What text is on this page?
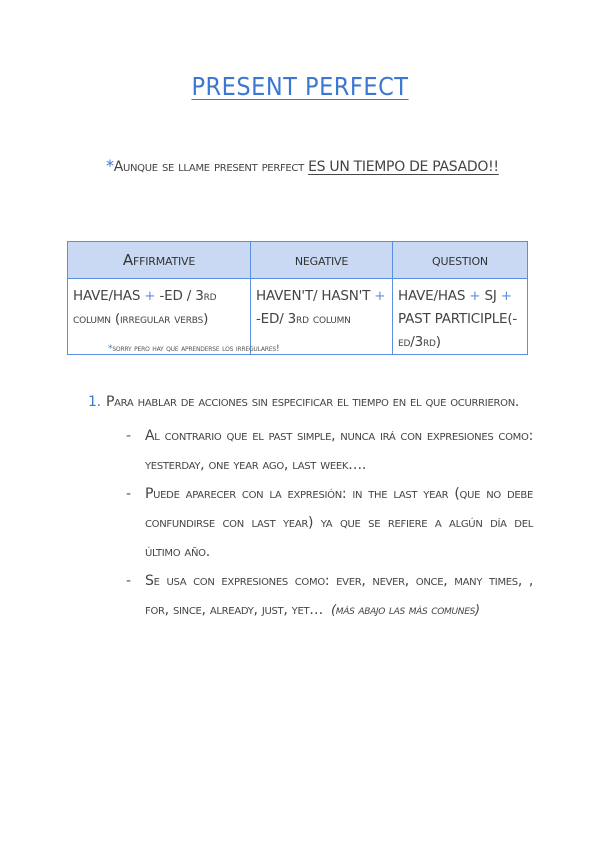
PRESENT PERFECT
*Aunque se llame present perfect ES UN TIEMPO DE PASADO!!
Affirmative	negative	question
HAVE/HAS + -ED / 3rd column (irregular verbs)	HAVEN'T/ HASN'T + -ED/ 3rd column	HAVE/HAS + SJ + PAST PARTICIPLE(-ed/3rd)
*sorry pero hay que aprenderse los irregulares!
1. Para hablar de acciones sin especificar el tiempo en el que ocurrieron.
-	Al contrario que el past simple, nunca irá con expresiones como: yesterday, one year ago, last week….
-	Puede aparecer con la expresión: in the last year (que no debe confundirse con last year) ya que se refiere a algún día del último año.
-	Se usa con expresiones como: ever, never, once, many times, , for, since, already, just, yet… (más abajo las más comunes)
